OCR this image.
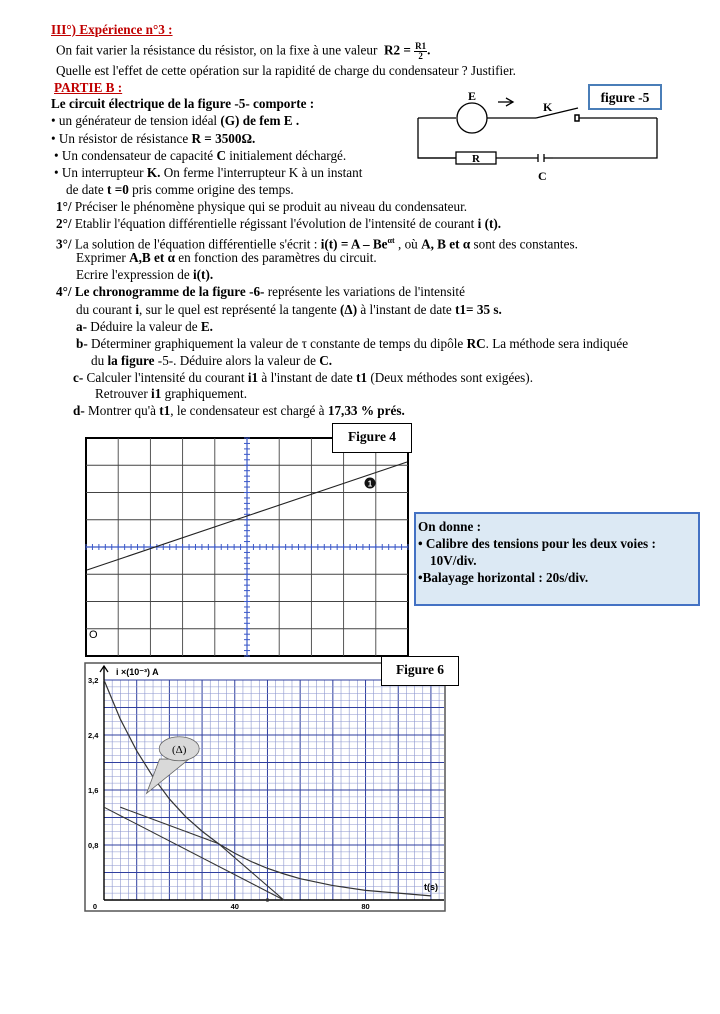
III°) Expérience n°3 :
On fait varier la résistance du résistor, on la fixe à une valeur $R2 = \frac{R1}{2}$ .
Quelle est l'effet de cette opération sur la rapidité de charge du condensateur ? Justifier.
PARTIE B :
Le circuit électrique de la figure -5- comporte :
• un générateur de tension idéal (G) de fem E .
• Un résistor de résistance R = 3500Ω.
• Un condensateur de capacité C initialement déchargé.
• Un interrupteur K. On ferme l'interrupteur K à un instant
de date t =0 pris comme origine des temps.
E
K
R
C
figure -5
1°/ Préciser le phénomène physique qui se produit au niveau du condensateur.
2°/ Etablir l'équation différentielle régissant l'évolution de l'intensité de courant i (t).
3°/ La solution de l'équation différentielle s'écrit : $i(t) = A - Be^{\alpha t}$ , où A, B et α sont des constantes.
Exprimer A,B et α en fonction des paramètres du circuit.
Ecrire l'expression de i(t).
4°/ Le chronogramme de la figure -6- représente les variations de l'intensité
du courant i, sur le quel est représenté la tangente (Δ) à l'instant de date t1= 35 s.
a- Déduire la valeur de E.
b- Déterminer graphiquement la valeur de τ constante de temps du dipôle RC. La méthode sera indiquée
du la figure -5-. Déduire alors la valeur de C.
c- Calculer l'intensité du courant i1 à l'instant de date t1 (Deux méthodes sont exigées).
Retrouver i1 graphiquement.
d- Montrer qu'à t1, le condensateur est chargé à 17,33 % prés.
1
O
Figure 4
On donne :
• Calibre des tensions pour les deux voies :
10V/div.
•Balayage horizontal : 20s/div.
i ×(10⁻³) A
t(s)
0,8
1,6
2,4
3,2
0	40	80
(Δ)
Figure 6
